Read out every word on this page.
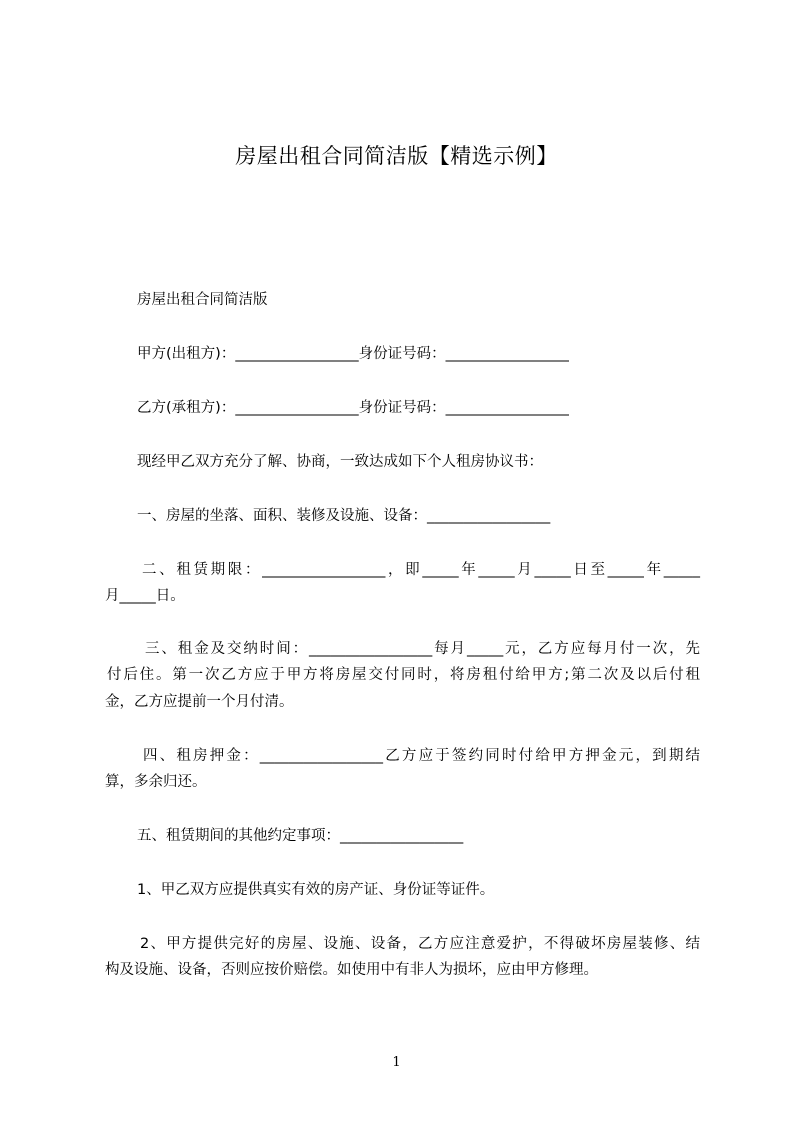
房屋出租合同简洁版【精选示例】
房屋出租合同简洁版
甲方(出租方)：_________________身份证号码：_________________
乙方(承租方)：_________________身份证号码：_________________
现经甲乙双方充分了解、协商，一致达成如下个人租房协议书：
一、房屋的坐落、面积、装修及设施、设备：_________________
二、租赁期限：_________________，即_____年_____月_____日至_____年_____
月_____日。
三、租金及交纳时间：_________________每月_____元，乙方应每月付一次，先
付后住。第一次乙方应于甲方将房屋交付同时，将房租付给甲方;第二次及以后付租
金，乙方应提前一个月付清。
四、租房押金：_________________乙方应于签约同时付给甲方押金元，到期结
算，多余归还。
五、租赁期间的其他约定事项：_________________
1、甲乙双方应提供真实有效的房产证、身份证等证件。
2、甲方提供完好的房屋、设施、设备，乙方应注意爱护，不得破坏房屋装修、结
构及设施、设备，否则应按价赔偿。如使用中有非人为损坏，应由甲方修理。
1
